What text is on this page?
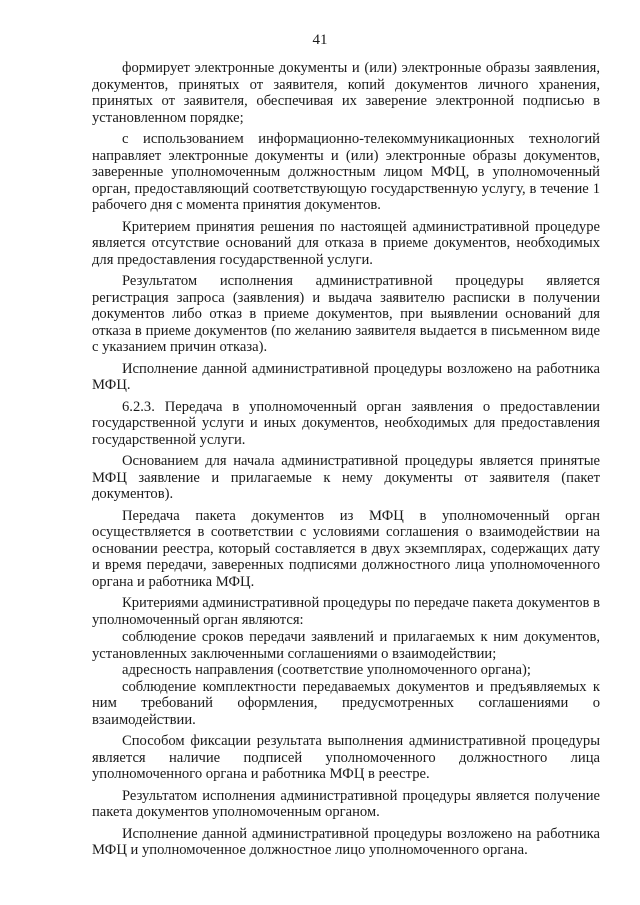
41

формирует электронные документы и (или) электронные образы заявления, документов, принятых от заявителя, копий документов личного хранения, принятых от заявителя, обеспечивая их заверение электронной подписью в установленном порядке;

с использованием информационно-телекоммуникационных технологий направляет электронные документы и (или) электронные образы документов, заверенные уполномоченным должностным лицом МФЦ, в уполномоченный орган, предоставляющий соответствующую государственную услугу, в течение 1 рабочего дня с момента принятия документов.

Критерием принятия решения по настоящей административной процедуре является отсутствие оснований для отказа в приеме документов, необходимых для предоставления государственной услуги.

Результатом исполнения административной процедуры является регистрация запроса (заявления) и выдача заявителю расписки в получении документов либо отказ в приеме документов, при выявлении оснований для отказа в приеме документов (по желанию заявителя выдается в письменном виде с указанием причин отказа).

Исполнение данной административной процедуры возложено на работника МФЦ.

6.2.3. Передача в уполномоченный орган заявления о предоставлении государственной услуги и иных документов, необходимых для предоставления государственной услуги.

Основанием для начала административной процедуры является принятые МФЦ заявление и прилагаемые к нему документы от заявителя (пакет документов).

Передача пакета документов из МФЦ в уполномоченный орган осуществляется в соответствии с условиями соглашения о взаимодействии на основании реестра, который составляется в двух экземплярах, содержащих дату и время передачи, заверенных подписями должностного лица уполномоченного органа и работника МФЦ.

Критериями административной процедуры по передаче пакета документов в уполномоченный орган являются:

соблюдение сроков передачи заявлений и прилагаемых к ним документов, установленных заключенными соглашениями о взаимодействии;

адресность направления (соответствие уполномоченного органа);

соблюдение комплектности передаваемых документов и предъявляемых к ним требований оформления, предусмотренных соглашениями о взаимодействии.

Способом фиксации результата выполнения административной процедуры является наличие подписей уполномоченного должностного лица уполномоченного органа и работника МФЦ в реестре.

Результатом исполнения административной процедуры является получение пакета документов уполномоченным органом.

Исполнение данной административной процедуры возложено на работника МФЦ и уполномоченное должностное лицо уполномоченного органа.
